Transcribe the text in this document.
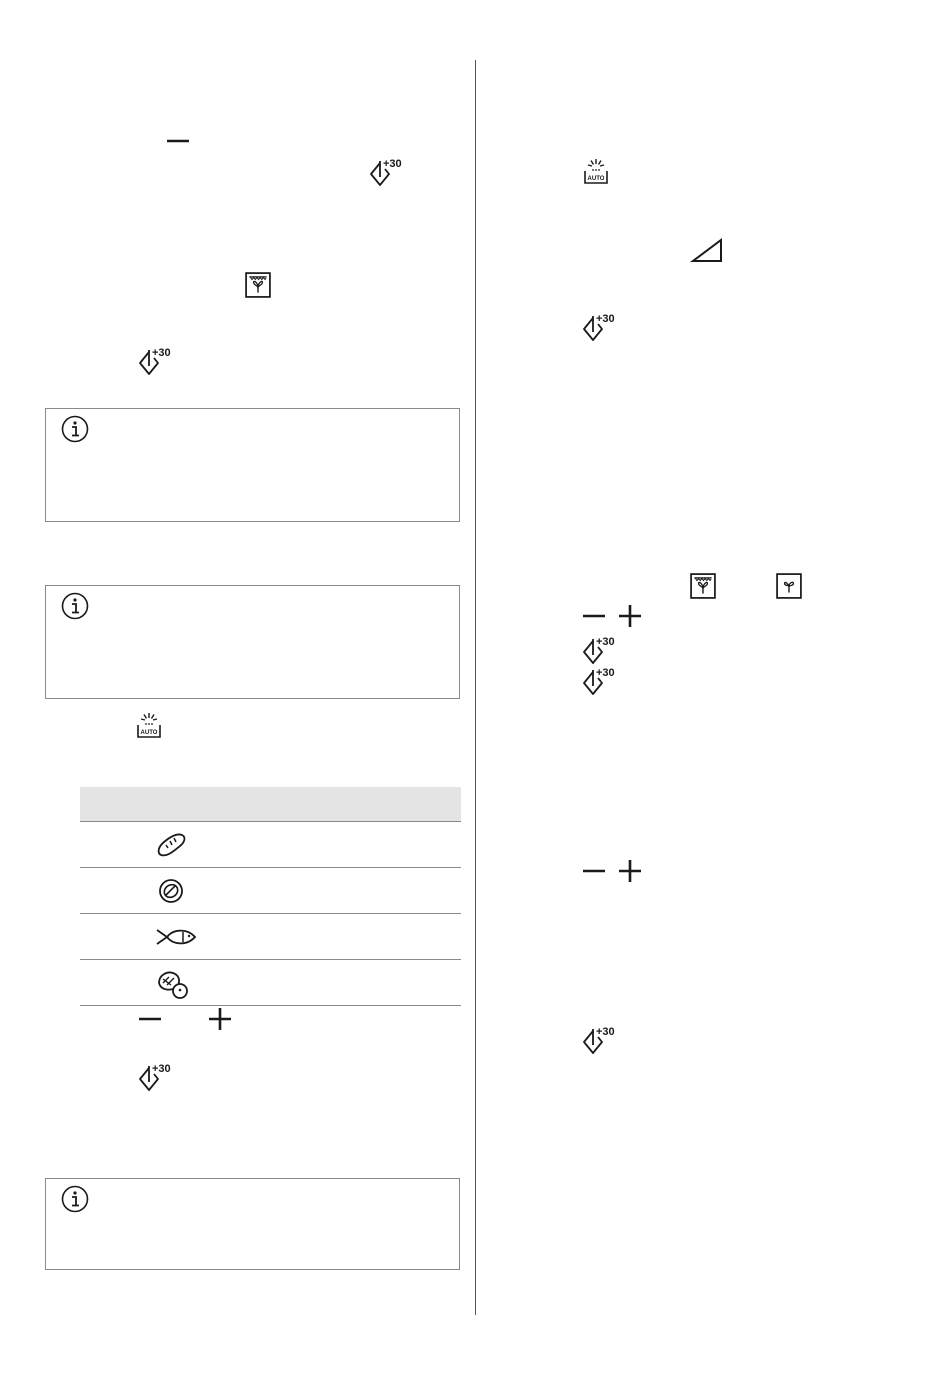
+30
+30
AUTO
+30
AUTO
+30
+30
+30
+30
